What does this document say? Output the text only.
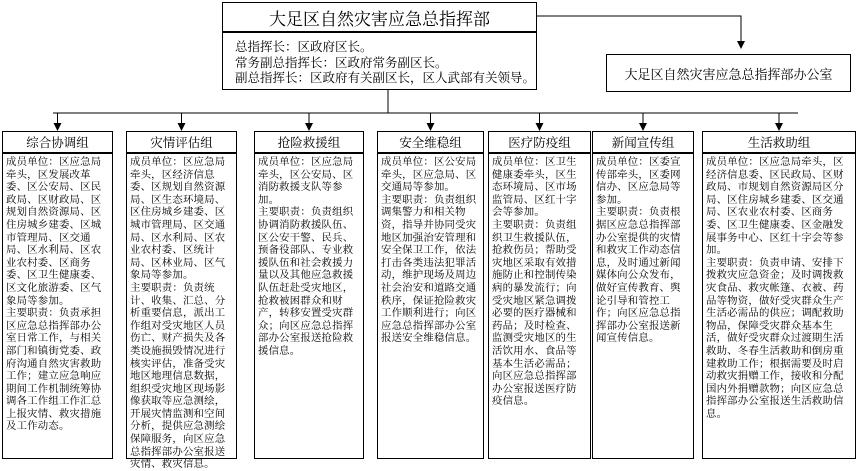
大足区自然灾害应急总指挥部
总指挥长：区政府区长。
常务副总指挥长：区政府常务副区长。
副总指挥长：区政府有关副区长，区人武部有关领导。	大足区自然灾害应急总指挥部办公室
综合协调组

成员单位：区应急局牵头，区发展改革委、区公安局、区民政局、区财政局、区规划自然资源局、区住房城乡建委、区城市管理局、区交通局、区水利局、区农业农村委、区商务委、区卫生健康委、区文化旅游委、区气象局等参加。

主要职责：负责承担区应急总指挥部办公室日常工作，与相关部门和镇街党委、政府沟通自然灾害救助工作；建立应急响应期间工作机制统筹协调各工作组工作汇总上报灾情、救灾措施及工作动态。

灾情评估组

成员单位：区应急局牵头，区经济信息委、区规划自然资源局、区生态环境局、区住房城乡建委、区城市管理局、区交通局、区水利局、区农业农村委、区统计局、区林业局、区气象局等参加。

主要职责：负责统计、收集、汇总、分析重要信息，派出工作组对受灾地区人员伤亡、财产损失及各类设施损毁情况进行核实评估，准备受灾地区地理信息数据，组织受灾地区现场影像获取等应急测绘，开展灾情监测和空间分析，提供应急测绘保障服务，向区应急总指挥部办公室报送灾情、救灾信息。

抢险救援组

成员单位：区应急局牵头，区公安局、区消防救援支队等参加。

主要职责：负责组织协调消防救援队伍、区公安干警、民兵、预备役部队、专业救援队伍和社会救援力量以及其他应急救援队伍赶赴受灾地区，抢救被困群众和财产，转移安置受灾群众；向区应急总指挥部办公室报送抢险救援信息。

安全维稳组

成员单位：区公安局牵头，区应急局、区交通局等参加。

主要职责：负责组织调集警力和相关物资，指导并协同受灾地区加强治安管理和安全保卫工作，依法打击各类违法犯罪活动，维护现场及周边社会治安和道路交通秩序，保证抢险救灾工作顺利进行；向区应急总指挥部办公室报送安全维稳信息。

医疗防疫组

成员单位：区卫生健康委牵头，区生态环境局、区市场监管局、区红十字会等参加。

主要职责：负责组织卫生救援队伍，抢救伤员；帮助受灾地区采取有效措施防止和控制传染病的暴发流行；向受灾地区紧急调拨必要的医疗器械和药品；及时检查、监测受灾地区的生活饮用水、食品等基本生活必需品；向区应急总指挥部办公室报送医疗防疫信息。

新闻宣传组

成员单位：区委宣传部牵头，区委网信办、区应急局等参加。

主要职责：负责根据区应急总指挥部办公室提供的灾情和救灾工作动态信息，及时通过新闻媒体向公众发布，做好宣传教育、舆论引导和管控工作；向区应急总指挥部办公室报送新闻宣传信息。

生活救助组

成员单位：区应急局牵头，区经济信息委、区民政局、区财政局、市规划自然资源局区分局、区住房城乡建委、区交通局、区农业农村委、区商务委、区卫生健康委、区金融发展事务中心、区红十字会等参加。

主要职责：负责申请、安排下拨救灾应急资金；及时调拨救灾食品、救灾帐篷、衣被、药品等物资，做好受灾群众生产生活必需品的供应；调配救助物品，保障受灾群众基本生活，做好受灾群众过渡期生活救助、冬春生活救助和倒房重建救助工作；根据需要及时启动救灾捐赠工作，接收和分配国内外捐赠款物；向区应急总指挥部办公室报送生活救助信息。
